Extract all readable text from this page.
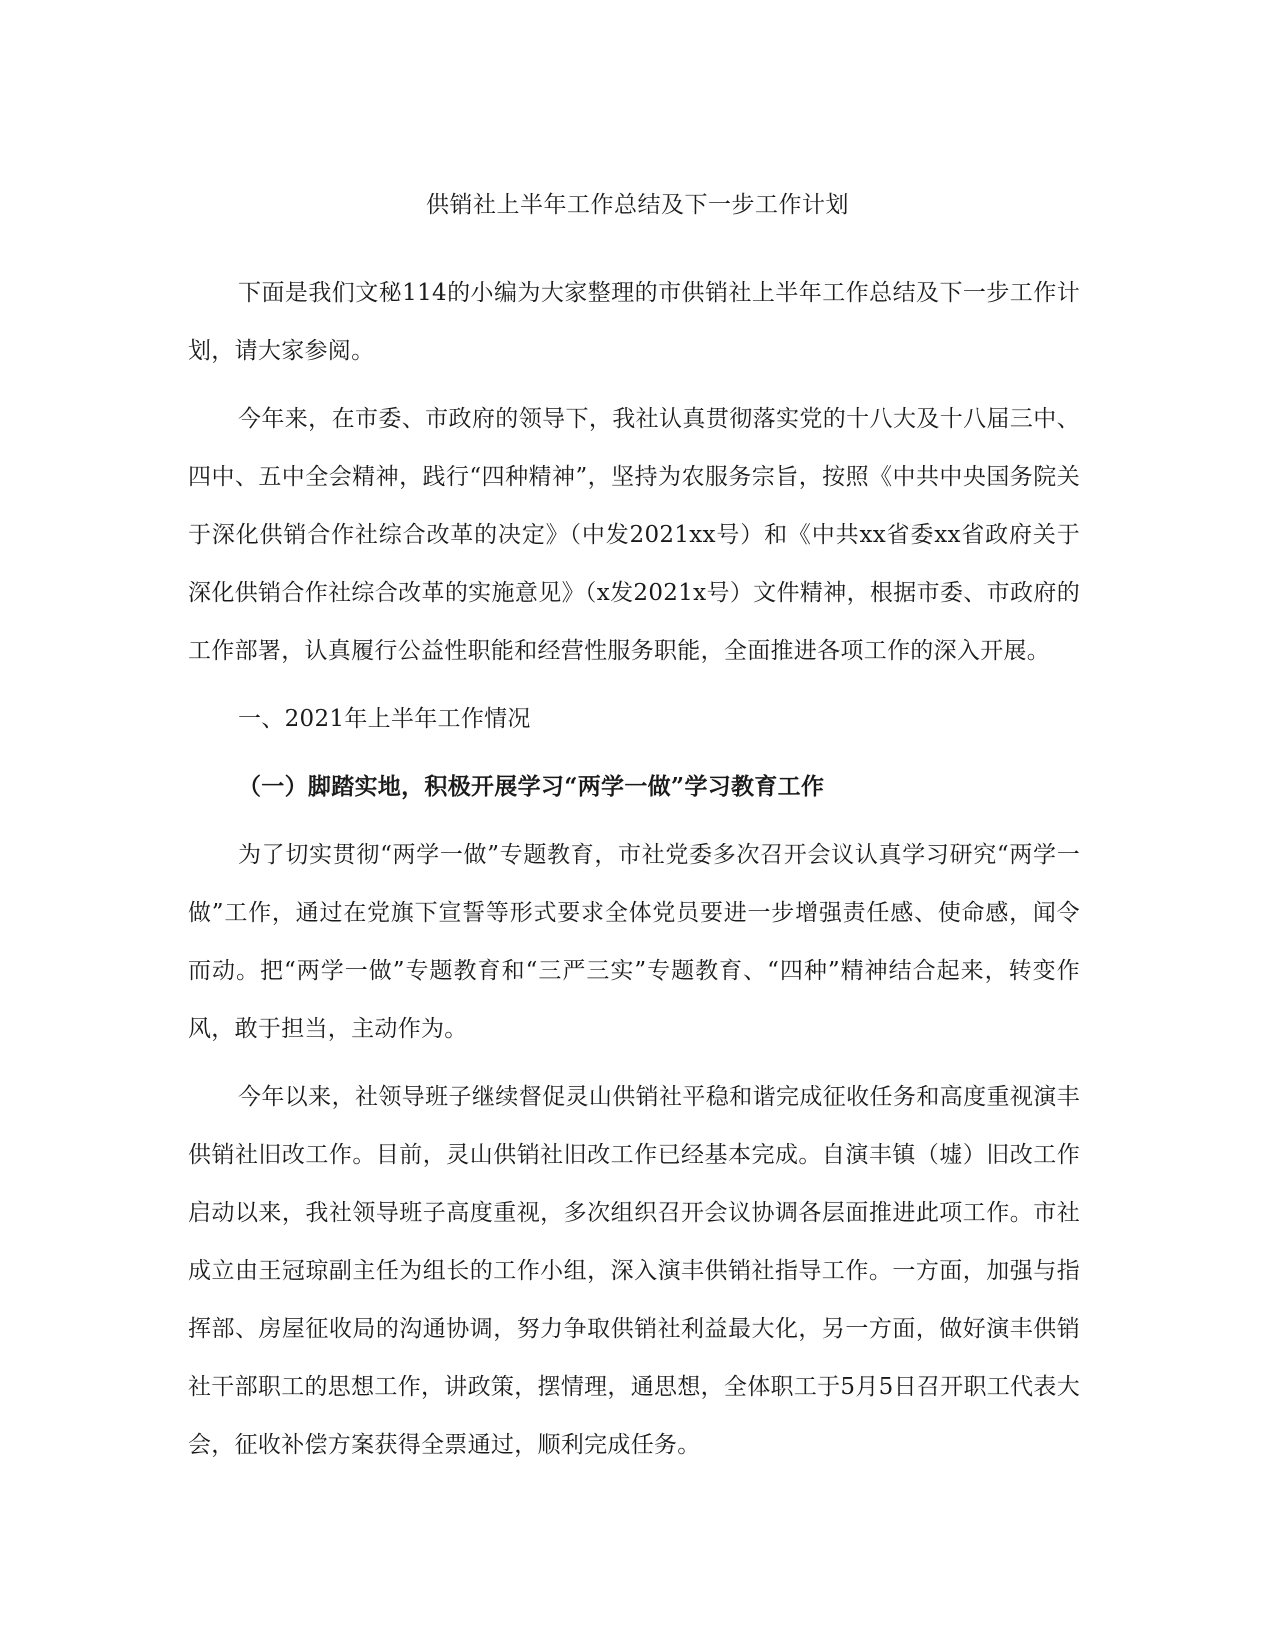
供销社上半年工作总结及下一步工作计划

下面是我们文秘114的小编为大家整理的市供销社上半年工作总结及下一步工作计划，请大家参阅。

今年来，在市委、市政府的领导下，我社认真贯彻落实党的十八大及十八届三中、四中、五中全会精神，践行“四种精神”，坚持为农服务宗旨，按照《中共中央国务院关于深化供销合作社综合改革的决定》（中发2021xx号）和《中共xx省委xx省政府关于深化供销合作社综合改革的实施意见》（x发2021x号）文件精神，根据市委、市政府的工作部署，认真履行公益性职能和经营性服务职能，全面推进各项工作的深入开展。

一、2021年上半年工作情况

（一）脚踏实地，积极开展学习“两学一做”学习教育工作

为了切实贯彻“两学一做”专题教育，市社党委多次召开会议认真学习研究“两学一做”工作，通过在党旗下宣誓等形式要求全体党员要进一步增强责任感、使命感，闻令而动。把“两学一做”专题教育和“三严三实”专题教育、“四种”精神结合起来，转变作风，敢于担当，主动作为。

今年以来，社领导班子继续督促灵山供销社平稳和谐完成征收任务和高度重视演丰供销社旧改工作。目前，灵山供销社旧改工作已经基本完成。自演丰镇（墟）旧改工作启动以来，我社领导班子高度重视，多次组织召开会议协调各层面推进此项工作。市社成立由王冠琼副主任为组长的工作小组，深入演丰供销社指导工作。一方面，加强与指挥部、房屋征收局的沟通协调，努力争取供销社利益最大化，另一方面，做好演丰供销社干部职工的思想工作，讲政策，摆情理，通思想，全体职工于5月5日召开职工代表大会，征收补偿方案获得全票通过，顺利完成任务。
